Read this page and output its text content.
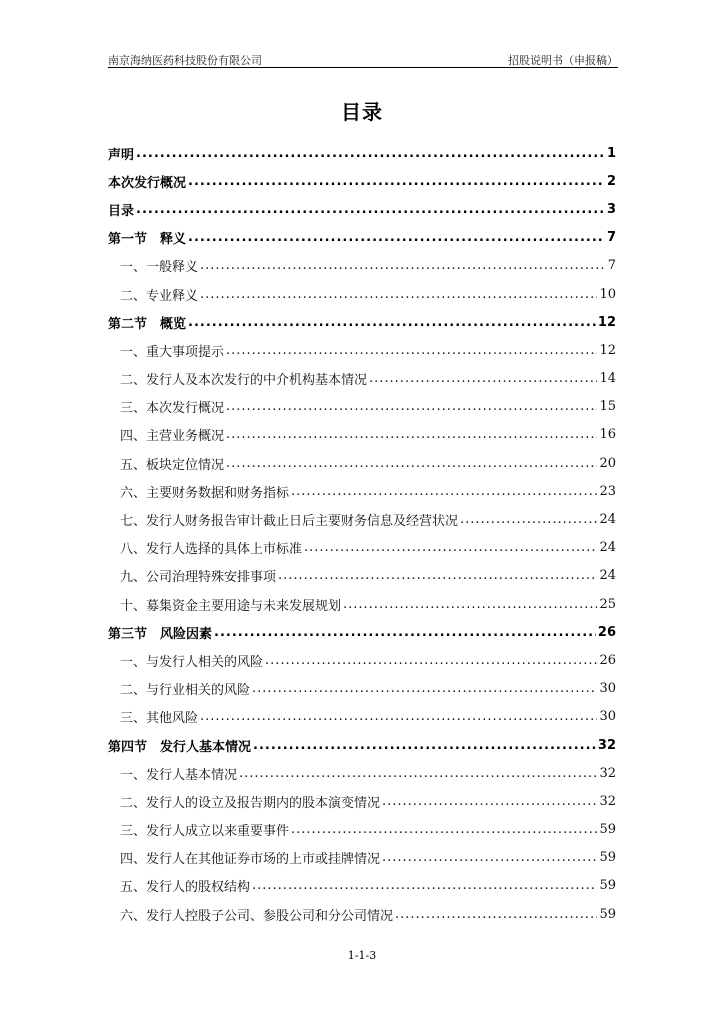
南京海纳医药科技股份有限公司	招股说明书（申报稿）
目录
声明 .....	1
本次发行概况 .....	2
目录 .....	3
第一节　释义 .....	7
一、一般释义 .....	7
二、专业释义 .....	10
第二节　概览 .....	12
一、重大事项提示 .....	12
二、发行人及本次发行的中介机构基本情况 .....	14
三、本次发行概况 .....	15
四、主营业务概况 .....	16
五、板块定位情况 .....	20
六、主要财务数据和财务指标 .....	23
七、发行人财务报告审计截止日后主要财务信息及经营状况 .....	24
八、发行人选择的具体上市标准 .....	24
九、公司治理特殊安排事项 .....	24
十、募集资金主要用途与未来发展规划 .....	25
第三节　风险因素 .....	26
一、与发行人相关的风险 .....	26
二、与行业相关的风险 .....	30
三、其他风险 .....	30
第四节　发行人基本情况 .....	32
一、发行人基本情况 .....	32
二、发行人的设立及报告期内的股本演变情况 .....	32
三、发行人成立以来重要事件 .....	59
四、发行人在其他证券市场的上市或挂牌情况 .....	59
五、发行人的股权结构 .....	59
六、发行人控股子公司、参股公司和分公司情况 .....	59
1-1-3
